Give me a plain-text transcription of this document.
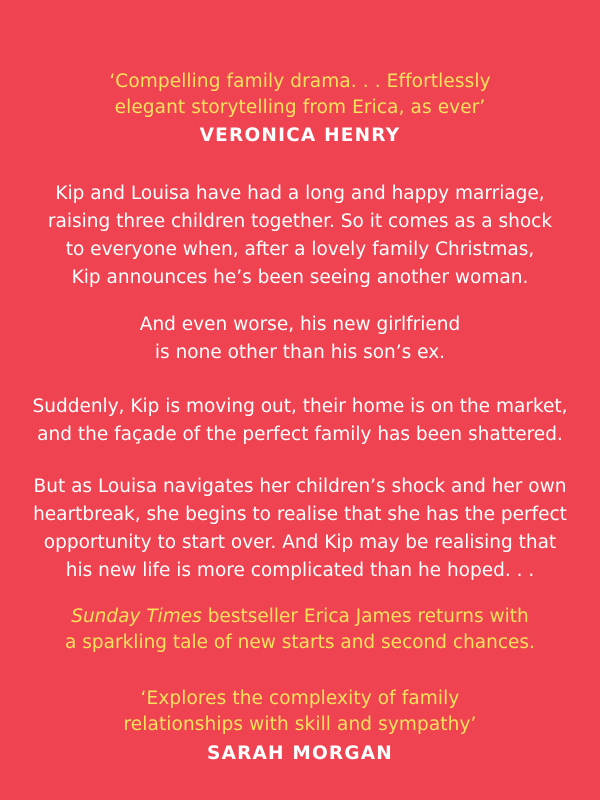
‘Compelling family drama. . . Effortlessly
elegant storytelling from Erica, as ever’
VERONICA HENRY
Kip and Louisa have had a long and happy marriage,
raising three children together. So it comes as a shock
to everyone when, after a lovely family Christmas,
Kip announces he’s been seeing another woman.
And even worse, his new girlfriend
is none other than his son’s ex.
Suddenly, Kip is moving out, their home is on the market,
and the façade of the perfect family has been shattered.
But as Louisa navigates her children’s shock and her own
heartbreak, she begins to realise that she has the perfect
opportunity to start over. And Kip may be realising that
his new life is more complicated than he hoped. . .
Sunday Times bestseller Erica James returns with
a sparkling tale of new starts and second chances.
‘Explores the complexity of family
relationships with skill and sympathy’
SARAH MORGAN
